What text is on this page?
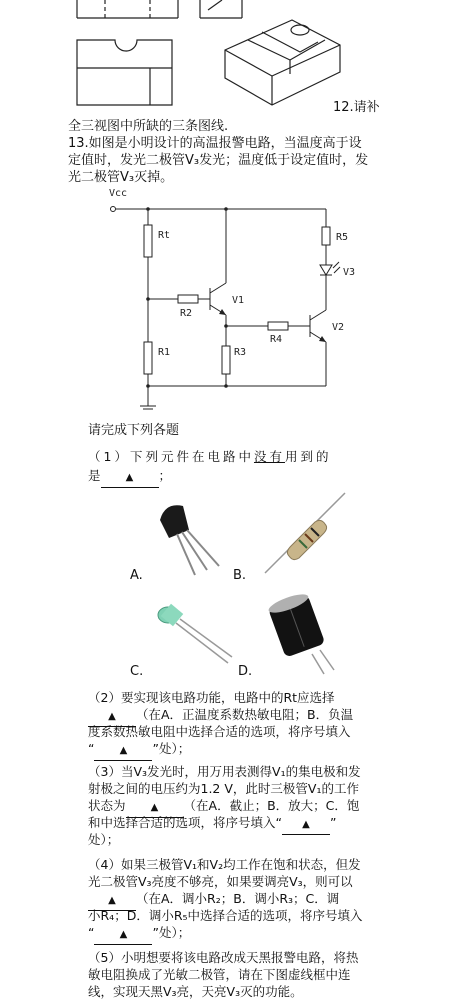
12.请补
全三视图中所缺的三条图线.
13.如图是小明设计的高温报警电路，当温度高于设
定值时，发光二极管V₃发光；温度低于设定值时，发
光二极管V₃灭掉。
Vcc
Rt
R1
R2
R3
R4
R5
V1
V2
V3
请完成下列各题
（1）下列元件在电路中没有用到的
是	▲ ；
A.	B.
C.	D.
（2）要实现该电路功能，电路中的Rt应选择
▲ （在A．正温度系数热敏电阻；B．负温
度系数热敏电阻中选择合适的选项，将序号填入
“	▲ ”处）；
（3）当V₃发光时，用万用表测得V₁的集电极和发
射极之间的电压约为1.2 V，此时三极管V₁的工作
状态为	▲ （在A．截止；B．放大；C．饱
和中选择合适的选项，将序号填入“ ▲ ”
处）；
（4）如果三极管V₁和V₂均工作在饱和状态，但发
光二极管V₃亮度不够亮，如果要调亮V₃，则可以
▲ （在A．调小R₂；B．调小R₃；C．调
小R₄；D．调小R₅中选择合适的选项，将序号填入
“	▲ ”处）；
（5）小明想要将该电路改成天黑报警电路，将热
敏电阻换成了光敏二极管，请在下图虚线框中连
线，实现天黑V₃亮，天亮V₃灭的功能。
